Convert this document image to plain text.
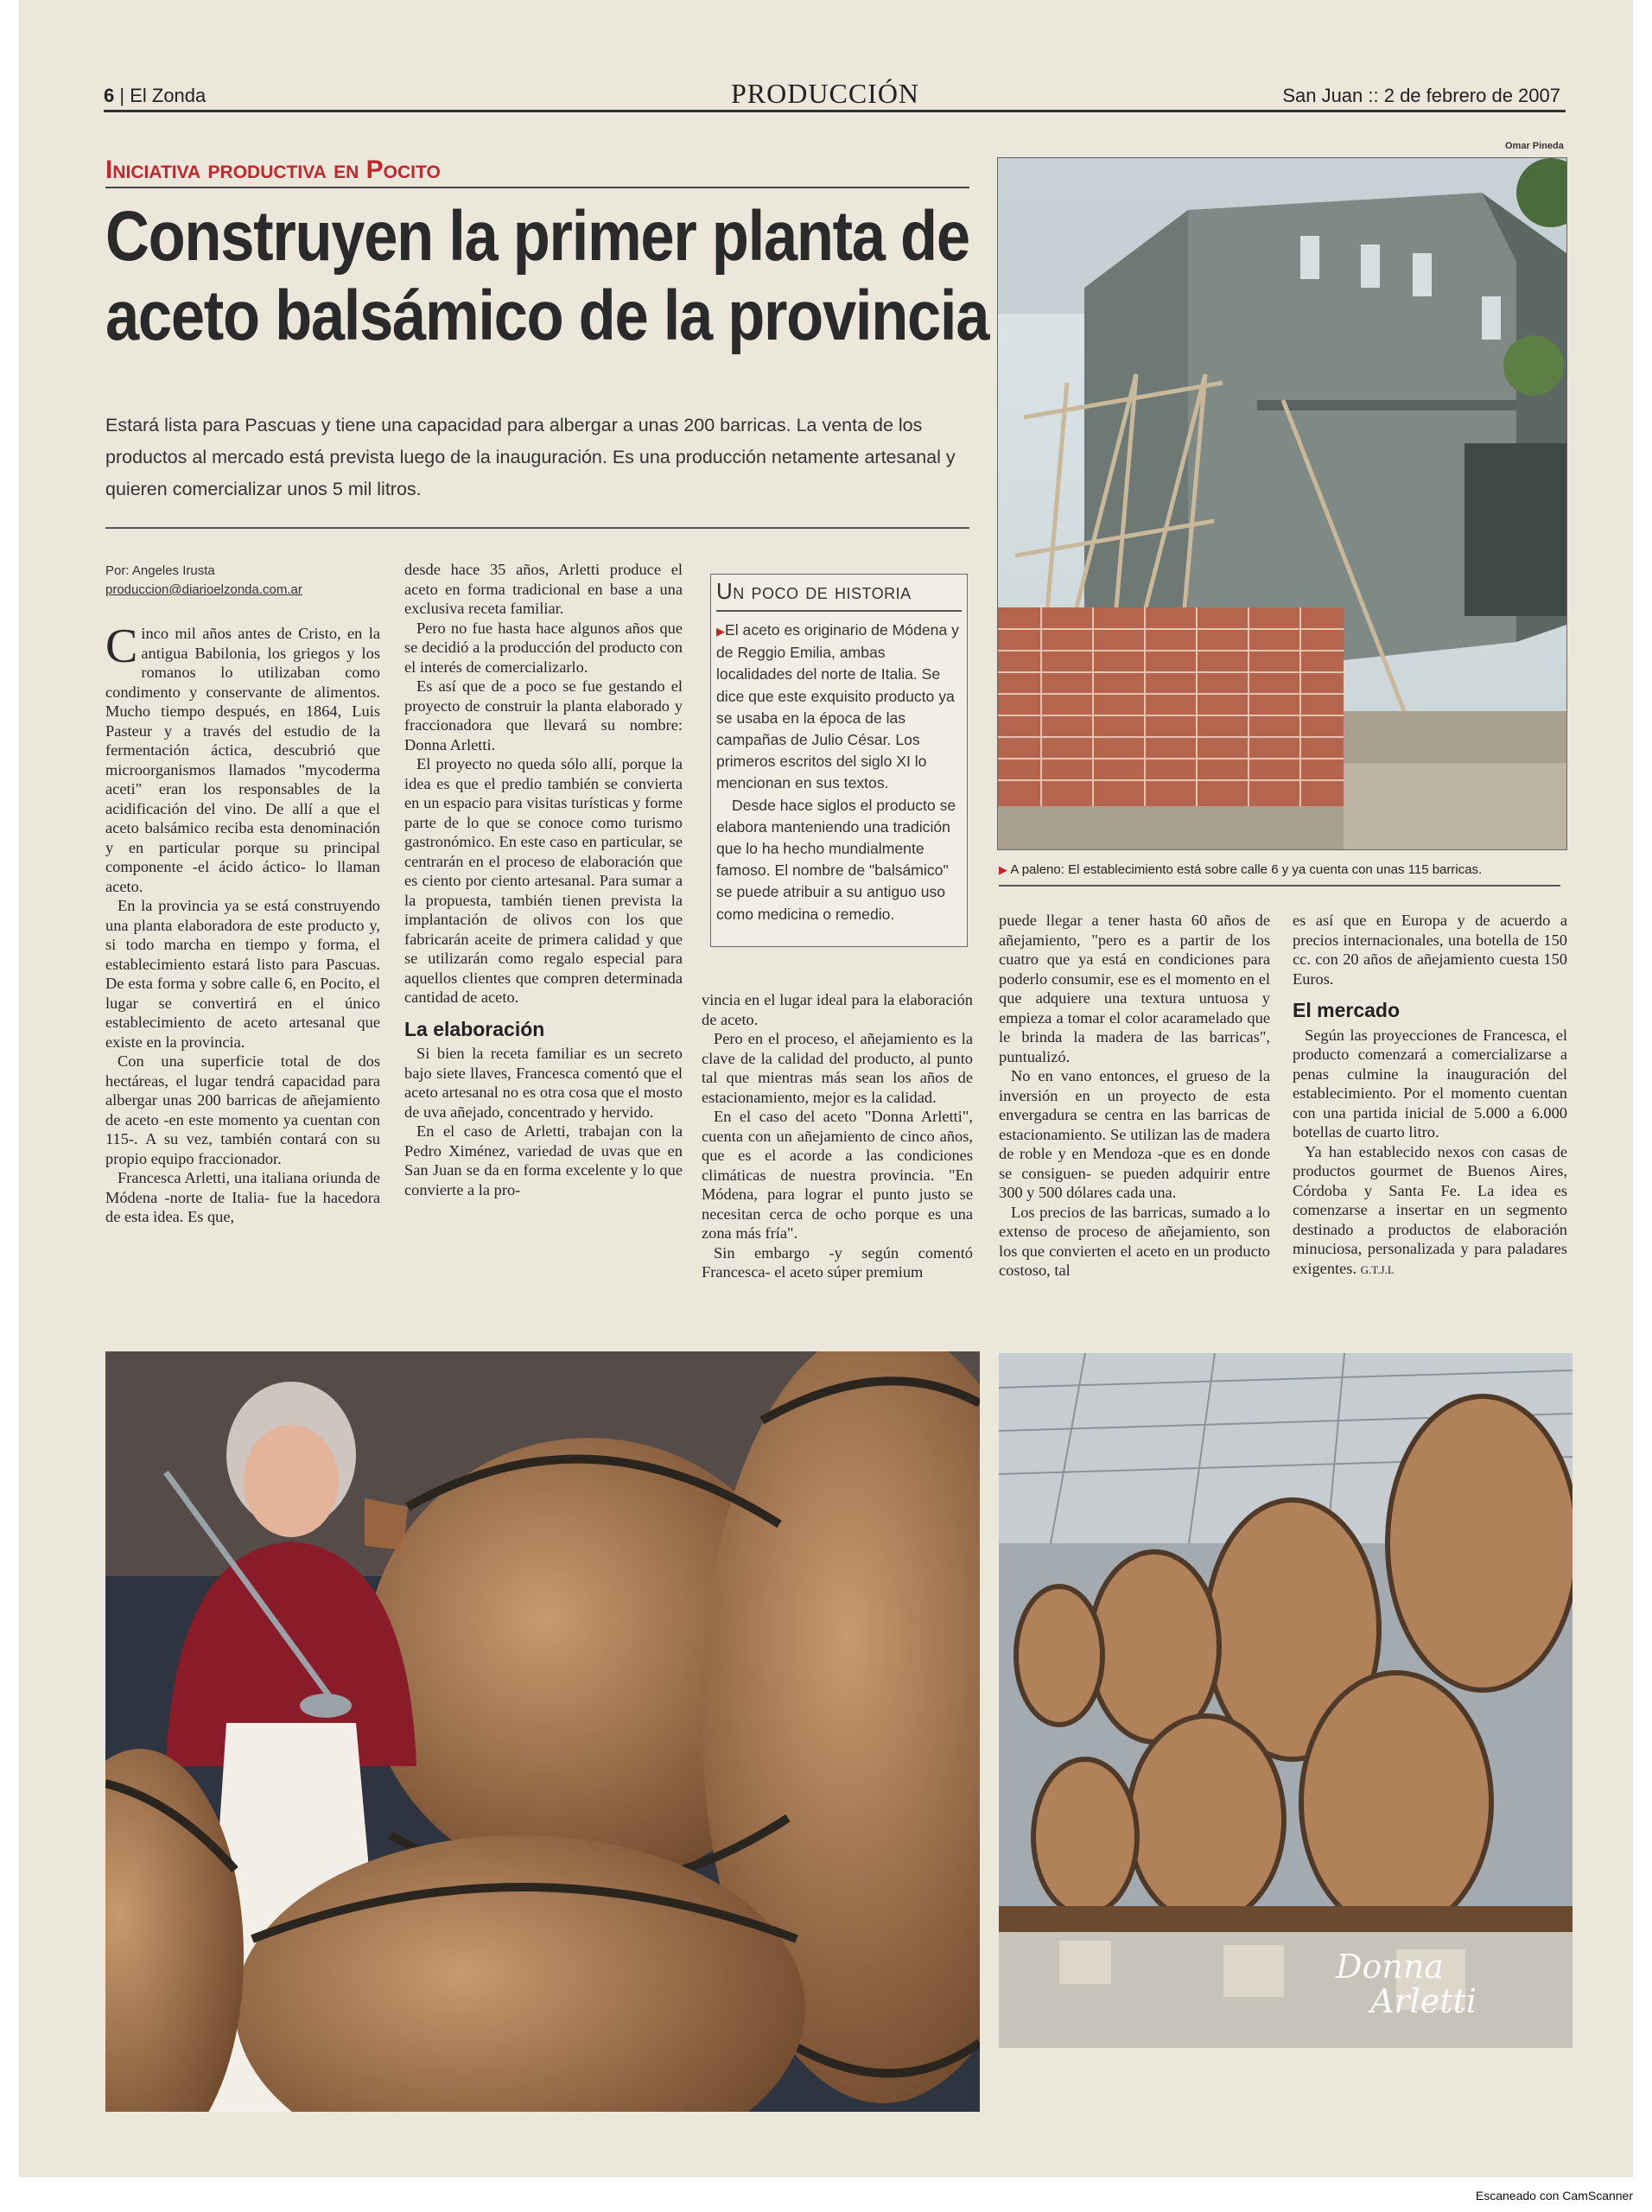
6 | El Zonda	PRODUCCIÓN	San Juan :: 2 de febrero de 2007
Iniciativa productiva en Pocito
Construyen la primer planta de
aceto balsámico de la provincia

Estará lista para Pascuas y tiene una capacidad para albergar a unas 200 barricas. La venta de los productos al mercado está prevista luego de la inauguración. Es una producción netamente artesanal y quieren comercializar unos 5 mil litros.

Por: Angeles Irusta
produccion@diarioelzonda.com.ar

Cinco mil años antes de Cristo, en la antigua Babilonia, los griegos y los romanos lo utilizaban como condimento y conservante de alimentos. Mucho tiempo después, en 1864, Luis Pasteur y a través del estudio de la fermentación áctica, descubrió que microorganismos llamados "mycoderma aceti" eran los responsables de la acidificación del vino. De allí a que el aceto balsámico reciba esta denominación y en particular porque su principal componente -el ácido áctico- lo llaman aceto.

En la provincia ya se está construyendo una planta elaboradora de este producto y, si todo marcha en tiempo y forma, el establecimiento estará listo para Pascuas. De esta forma y sobre calle 6, en Pocito, el lugar se convertirá en el único establecimiento de aceto artesanal que existe en la provincia.

Con una superficie total de dos hectáreas, el lugar tendrá capacidad para albergar unas 200 barricas de añejamiento de aceto -en este momento ya cuentan con 115-. A su vez, también contará con su propio equipo fraccionador.

Francesca Arletti, una italiana oriunda de Módena -norte de Italia- fue la hacedora de esta idea. Es que,

desde hace 35 años, Arletti produce el aceto en forma tradicional en base a una exclusiva receta familiar.

Pero no fue hasta hace algunos años que se decidió a la producción del producto con el interés de comercializarlo.

Es así que de a poco se fue gestando el proyecto de construir la planta elaborado y fraccionadora que llevará su nombre: Donna Arletti.

El proyecto no queda sólo allí, porque la idea es que el predio también se convierta en un espacio para visitas turísticas y forme parte de lo que se conoce como turismo gastronómico. En este caso en particular, se centrarán en el proceso de elaboración que es ciento por ciento artesanal. Para sumar a la propuesta, también tienen prevista la implantación de olivos con los que fabricarán aceite de primera calidad y que se utilizarán como regalo especial para aquellos clientes que compren determinada cantidad de aceto.

La elaboración

Si bien la receta familiar es un secreto bajo siete llaves, Francesca comentó que el aceto artesanal no es otra cosa que el mosto de uva añejado, concentrado y hervido.

En el caso de Arletti, trabajan con la Pedro Ximénez, variedad de uvas que en San Juan se da en forma excelente y lo que convierte a la pro-

Un poco de historia

▶El aceto es originario de Módena y de Reggio Emilia, ambas localidades del norte de Italia. Se dice que este exquisito producto ya se usaba en la época de las campañas de Julio César. Los primeros escritos del siglo XI lo mencionan en sus textos.

Desde hace siglos el producto se elabora manteniendo una tradición que lo ha hecho mundialmente famoso. El nombre de "balsámico" se puede atribuir a su antiguo uso como medicina o remedio.

vincia en el lugar ideal para la elaboración de aceto.

Pero en el proceso, el añejamiento es la clave de la calidad del producto, al punto tal que mientras más sean los años de estacionamiento, mejor es la calidad.

En el caso del aceto "Donna Arletti", cuenta con un añejamiento de cinco años, que es el acorde a las condiciones climáticas de nuestra provincia. "En Módena, para lograr el punto justo se necesitan cerca de ocho porque es una zona más fría".

Sin embargo -y según comentó Francesca- el aceto súper premium

puede llegar a tener hasta 60 años de añejamiento, "pero es a partir de los cuatro que ya está en condiciones para poderlo consumir, ese es el momento en el que adquiere una textura untuosa y empieza a tomar el color acaramelado que le brinda la madera de las barricas", puntualizó.

No en vano entonces, el grueso de la inversión en un proyecto de esta envergadura se centra en las barricas de estacionamiento. Se utilizan las de madera de roble y en Mendoza -que es en donde se consiguen- se pueden adquirir entre 300 y 500 dólares cada una.

Los precios de las barricas, sumado a lo extenso de proceso de añejamiento, son los que convierten el aceto en un producto costoso, tal

es así que en Europa y de acuerdo a precios internacionales, una botella de 150 cc. con 20 años de añejamiento cuesta 150 Euros.

El mercado

Según las proyecciones de Francesca, el producto comenzará a comercializarse a penas culmine la inauguración del establecimiento. Por el momento cuentan con una partida inicial de 5.000 a 6.000 botellas de cuarto litro.

Ya han establecido nexos con casas de productos gourmet de Buenos Aires, Córdoba y Santa Fe. La idea es comenzarse a insertar en un segmento destinado a productos de elaboración minuciosa, personalizada y para paladares exigentes. G.T.J.L

Omar Pineda
▶ A paleno: El establecimiento está sobre calle 6 y ya cuenta con unas 115 barricas.
Donna
Arletti
Escaneado con CamScanner
